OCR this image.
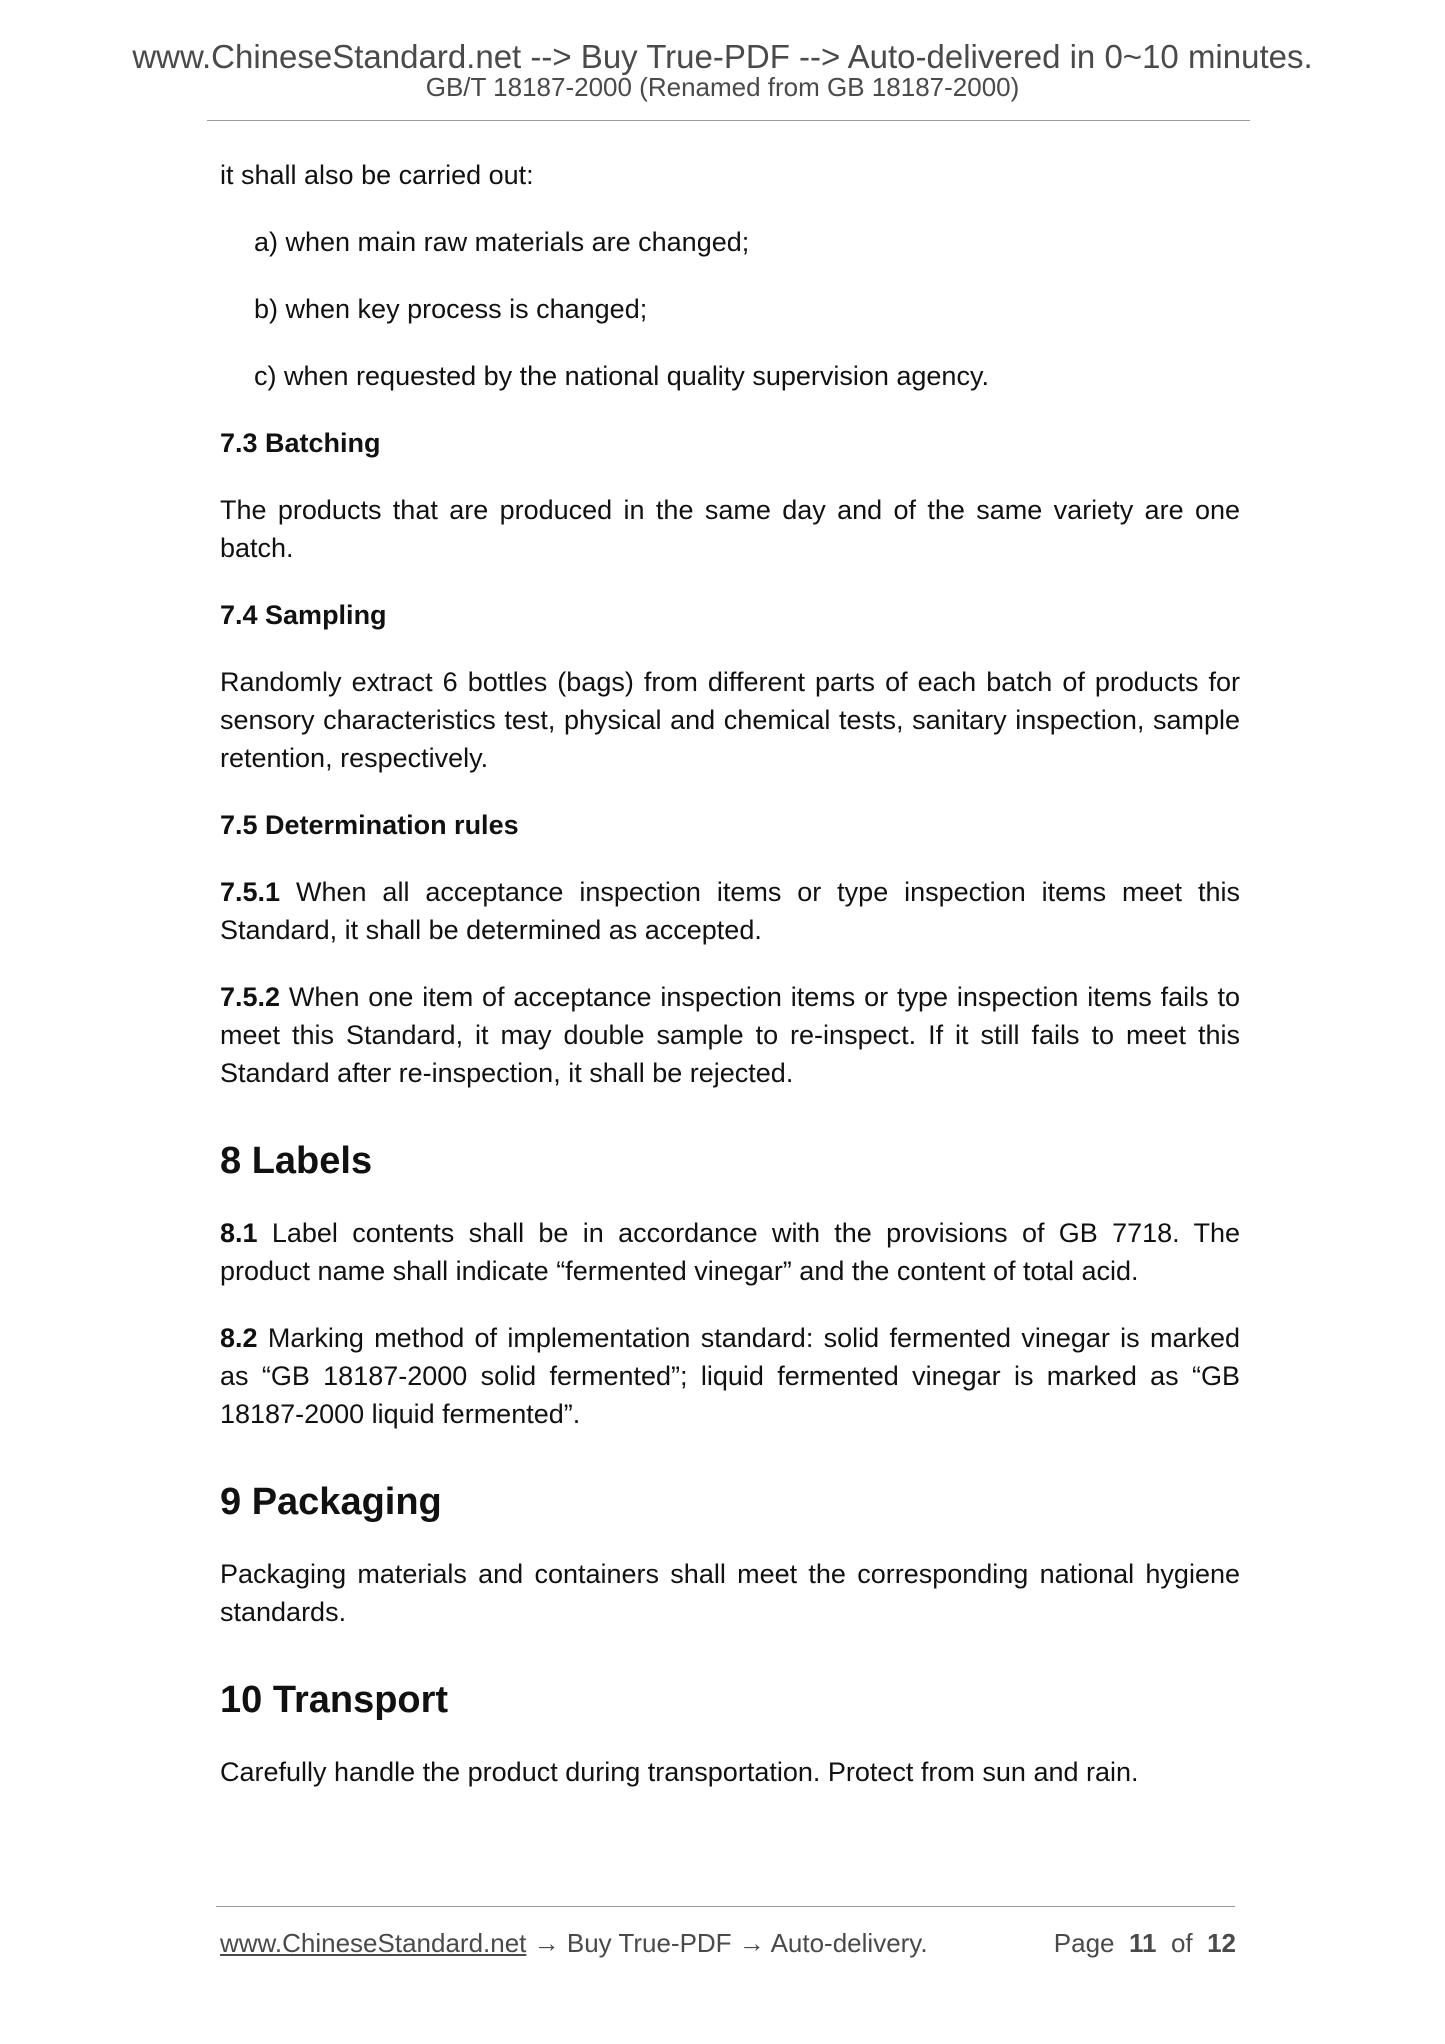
www.ChineseStandard.net --> Buy True-PDF --> Auto-delivered in 0~10 minutes.
GB/T 18187-2000 (Renamed from GB 18187-2000)

it shall also be carried out:

a) when main raw materials are changed;

b) when key process is changed;

c) when requested by the national quality supervision agency.

7.3 Batching

The products that are produced in the same day and of the same variety are one batch.

7.4 Sampling

Randomly extract 6 bottles (bags) from different parts of each batch of products for sensory characteristics test, physical and chemical tests, sanitary inspection, sample retention, respectively.

7.5 Determination rules

7.5.1 When all acceptance inspection items or type inspection items meet this Standard, it shall be determined as accepted.

7.5.2 When one item of acceptance inspection items or type inspection items fails to meet this Standard, it may double sample to re-inspect. If it still fails to meet this Standard after re-inspection, it shall be rejected.

8 Labels

8.1 Label contents shall be in accordance with the provisions of GB 7718. The product name shall indicate “fermented vinegar” and the content of total acid.

8.2 Marking method of implementation standard: solid fermented vinegar is marked as “GB 18187-2000 solid fermented”; liquid fermented vinegar is marked as “GB 18187-2000 liquid fermented”.

9 Packaging

Packaging materials and containers shall meet the corresponding national hygiene standards.

10 Transport

Carefully handle the product during transportation. Protect from sun and rain.

www.ChineseStandard.net → Buy True-PDF → Auto-delivery.	Page 11 of 12
